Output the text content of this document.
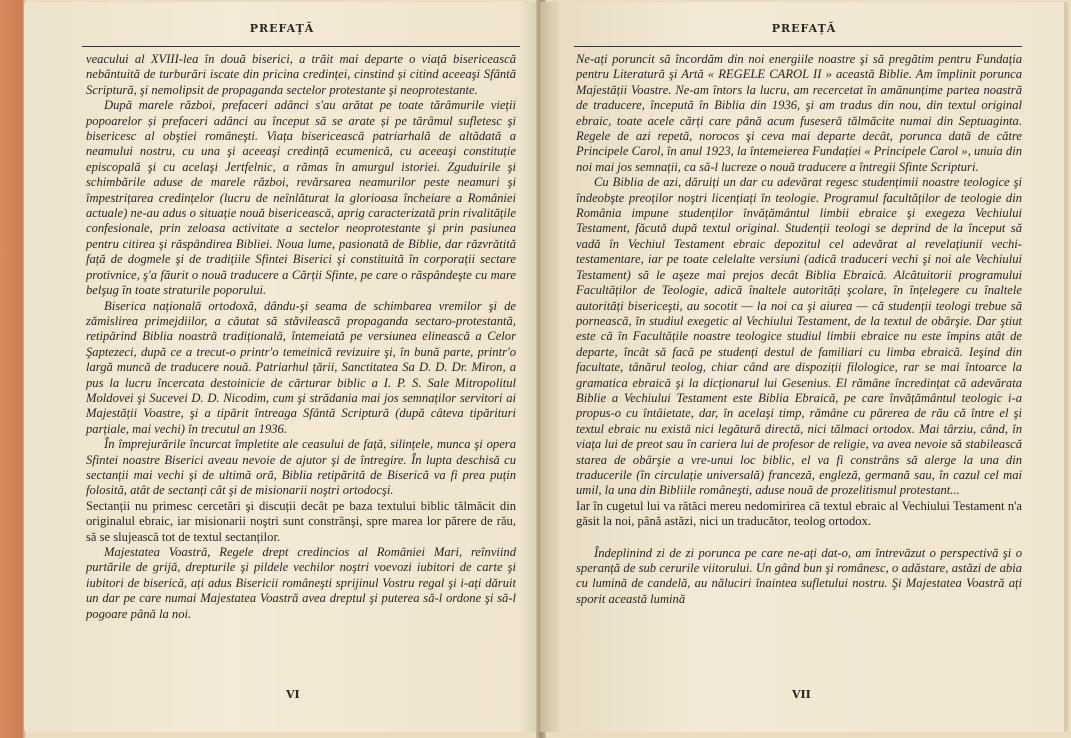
PREFAȚĂ

veacului al XVIII-lea în două biserici, a trăit mai departe o viață bisericească nebântuită de turburări iscate din pricina credinței, cinstind și citind aceeaşi Sfântă Scriptură, şi nemolipsit de propaganda sectelor protestante şi neoprotestante.

După marele război, prefaceri adânci s'au arătat pe toate tărâmurile vieții popoarelor și prefaceri adânci au început să se arate și pe tărâmul sufletesc şi bisericesc al obştiei româneşti. Viața bisericească patriarhală de altădată a neamului nostru, cu una şi aceeaşi credință ecumenică, cu aceeaşi constituție episcopală şi cu acelaşi Jertfelnic, a rămas în amurgul istoriei. Zguduirile şi schimbările aduse de marele război, revărsarea neamurilor peste neamuri şi împestrițarea credințelor (lucru de neînlăturat la glorioasa încheiare a României actuale) ne-au adus o situație nouă bisericească, aprig caracterizată prin rivalitățile confesionale, prin zeloasa activitate a sectelor neoprotestante şi prin pasiunea pentru citirea şi răspândirea Bibliei. Noua lume, pasionată de Biblie, dar răzvrătită față de dogmele şi de tradițiile Sfintei Biserici şi constituită în corporații sectare protivnice, ş'a făurit o nouă traducere a Cărții Sfinte, pe care o răspândeşte cu mare belşug în toate straturile poporului.

Biserica națională ortodoxă, dându-şi seama de schimbarea vremilor şi de zămislirea primejdiilor, a căutat să stăvilească propaganda sectaro-protestantă, retipărind Biblia noastră tradițională, întemeiată pe versiunea elinească a Celor Şaptezeci, după ce a trecut-o printr'o temeinică revizuire şi, în bună parte, printr'o largă muncă de traducere nouă. Patriarhul țării, Sanctitatea Sa D. D. Dr. Miron, a pus la lucru încercata destoinicie de cărturar biblic a I. P. S. Sale Mitropolitul Moldovei şi Sucevei D. D. Nicodim, cum şi strădania mai jos semnaților servitori ai Majestății Voastre, şi a tipărit întreaga Sfântă Scriptură (după câteva tipărituri parțiale, mai vechi) în trecutul an 1936.

În împrejurările încurcat împletite ale ceasului de față, silințele, munca şi opera Sfintei noastre Biserici aveau nevoie de ajutor şi de întregire. În lupta deschisă cu sectanții mai vechi şi de ultimă oră, Biblia retipărită de Biserică va fi prea puțin folosită, atât de sectanți cât şi de misionarii noştri ortodocşi.

Sectanții nu primesc cercetări şi discuții decât pe baza textului biblic tălmăcit din originalul ebraic, iar misionarii noştri sunt constrânşi, spre marea lor părere de rău, să se slujească tot de textul sectanților.

Majestatea Voastră, Regele drept credincios al României Mari, reînviind purtările de grijă, drepturile şi pildele vechilor noştri voevozi iubitori de carte şi iubitori de biserică, ați adus Bisericii româneşti sprijinul Vostru regal şi i-ați dăruit un dar pe care numai Majestatea Voastră avea dreptul şi puterea să-l ordone şi să-l pogoare până la noi.

VI
PREFAȚĂ

Ne-ați poruncit să încordăm din noi energiile noastre şi să pregătim pentru Fundația pentru Literatură şi Artă « REGELE CAROL II » această Biblie. Am împlinit porunca Majestății Voastre. Ne-am întors la lucru, am recercetat în amănunțime partea noastră de traducere, începută în Biblia din 1936, şi am tradus din nou, din textul original ebraic, toate acele cărți care până acum fuseseră tălmăcite numai din Septuaginta. Regele de azi repetă, norocos şi ceva mai departe decât, porunca dată de către Principele Carol, în anul 1923, la întemeierea Fundației « Principele Carol », unuia din noi mai jos semnații, ca să-l lucreze o nouă traducere a întregii Sfinte Scripturi.

Cu Biblia de azi, dăruiți un dar cu adevărat regesc studențimii noastre teologice şi îndeobşte preoților noştri licențiați în teologie. Programul facultăților de teologie din România impune studenților învățământul limbii ebraice şi exegeza Vechiului Testament, făcută după textul original. Studenții teologi se deprind de la început să vadă în Vechiul Testament ebraic depozitul cel adevărat al revelațiunii vechi-testamentare, iar pe toate celelalte versiuni (adică traduceri vechi şi noi ale Vechiului Testament) să le aşeze mai prejos decât Biblia Ebraică. Alcătuitorii programului Facultăților de Teologie, adică înaltele autorități şcolare, în înțelegere cu înaltele autorități bisericeşti, au socotit — la noi ca şi aiurea — că studenții teologi trebue să pornească, în studiul exegetic al Vechiului Testament, de la textul de obârşie. Dar ştiut este că în Facultățile noastre teologice studiul limbii ebraice nu este împins atât de departe, încât să facă pe studenți destul de familiari cu limba ebraică. Ieşind din facultate, tânărul teolog, chiar când are dispoziții filologice, rar se mai întoarce la gramatica ebraică şi la dicționarul lui Gesenius. El rămâne încredințat că adevărata Biblie a Vechiului Testament este Biblia Ebraică, pe care învățământul teologic i-a propus-o cu întâietate, dar, în acelaşi timp, rămâne cu părerea de rău că între el şi textul ebraic nu există nici legătură directă, nici tălmaci ortodox. Mai târziu, când, în viața lui de preot sau în cariera lui de profesor de religie, va avea nevoie să stabilească starea de obârşie a vre-unui loc biblic, el va fi constrâns să alerge la una din traducerile (în circulație universală) franceză, engleză, germană sau, în cazul cel mai umil, la una din Bibliile româneşti, aduse nouă de prozelitismul protestant...

Iar în cugetul lui va rătăci mereu nedomirirea că textul ebraic al Vechiului Testament n'a găsit la noi, până astăzi, nici un traducător, teolog ortodox.

Îndeplinind zi de zi porunca pe care ne-ați dat-o, am întrevăzut o perspectivă şi o speranță de sub cerurile viitorului. Un gând bun şi românesc, o adăstare, astăzi de abia cu lumină de candelă, au năluciri înaintea sufletului nostru. Şi Majestatea Voastră ați sporit această lumină

VII
